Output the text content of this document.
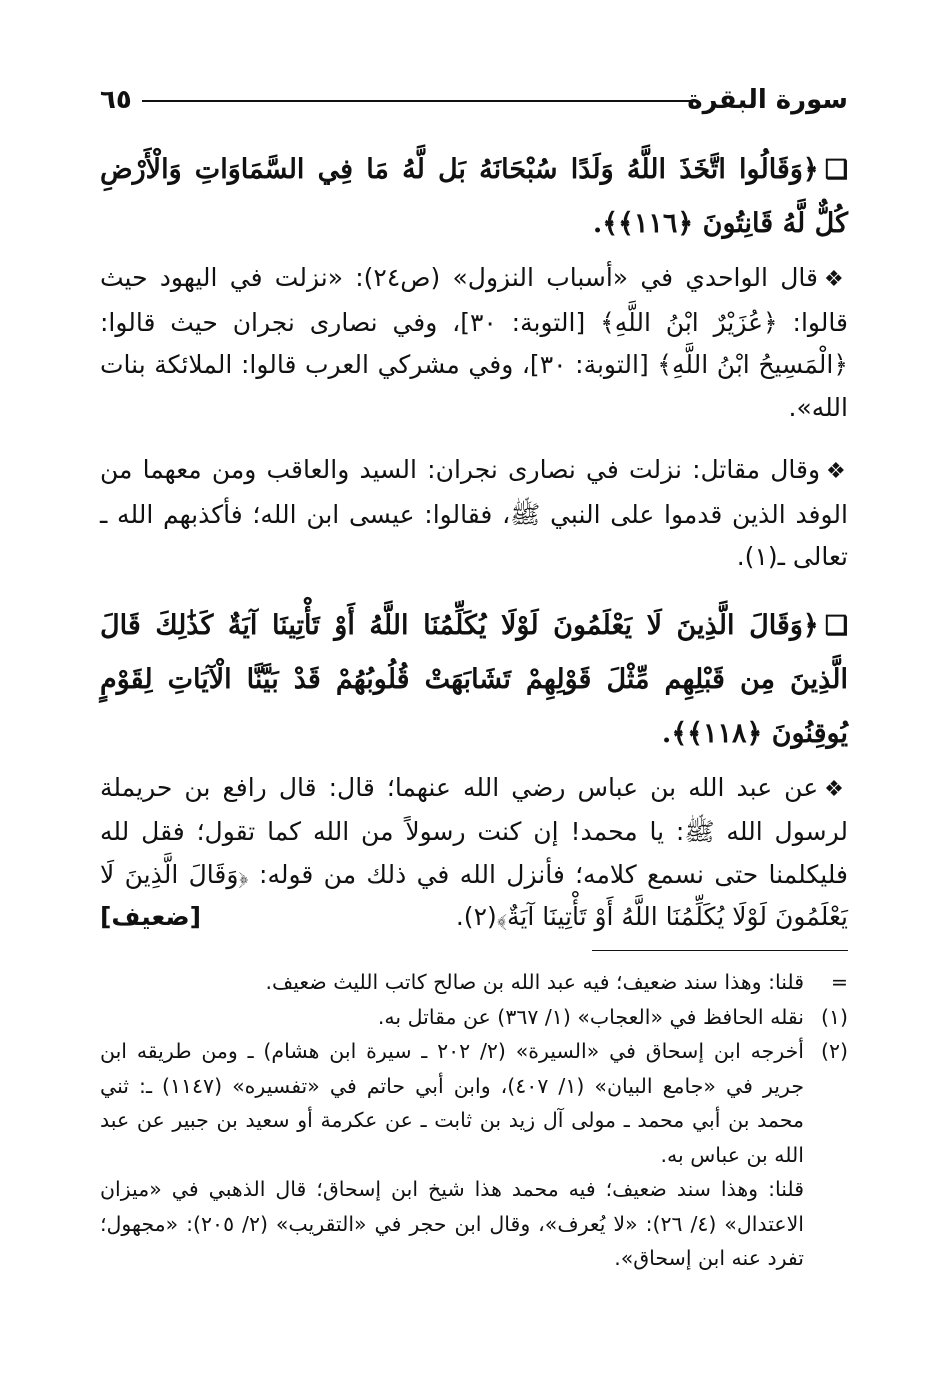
سورة البقرة
٦٥

❑﴿وَقَالُوا اتَّخَذَ اللَّهُ وَلَدًا سُبْحَانَهُ بَل لَّهُ مَا فِي السَّمَاوَاتِ وَالْأَرْضِ كُلٌّ لَّهُ قَانِتُونَ ﴿١١٦﴾﴾.

❖قال الواحدي في «أسباب النزول» (ص٢٤): «نزلت في اليهود حيث قالوا: ﴿عُزَيْرٌ ابْنُ اللَّهِ﴾ [التوبة: ٣٠]، وفي نصارى نجران حيث قالوا: ﴿الْمَسِيحُ ابْنُ اللَّهِ﴾ [التوبة: ٣٠]، وفي مشركي العرب قالوا: الملائكة بنات الله».

❖وقال مقاتل: نزلت في نصارى نجران: السيد والعاقب ومن معهما من الوفد الذين قدموا على النبي ﷺ، فقالوا: عيسى ابن الله؛ فأكذبهم الله ـ تعالى ـ(١).

❑﴿وَقَالَ الَّذِينَ لَا يَعْلَمُونَ لَوْلَا يُكَلِّمُنَا اللَّهُ أَوْ تَأْتِينَا آيَةٌ كَذَٰلِكَ قَالَ الَّذِينَ مِن قَبْلِهِم مِّثْلَ قَوْلِهِمْ تَشَابَهَتْ قُلُوبُهُمْ قَدْ بَيَّنَّا الْآيَاتِ لِقَوْمٍ يُوقِنُونَ ﴿١١٨﴾﴾.

❖عن عبد الله بن عباس رضي الله عنهما؛ قال: قال رافع بن حريملة لرسول الله ﷺ: يا محمد! إن كنت رسولاً من الله كما تقول؛ فقل لله فليكلمنا حتى نسمع كلامه؛ فأنزل الله في ذلك من قوله: ﴿وَقَالَ الَّذِينَ لَا يَعْلَمُونَ لَوْلَا يُكَلِّمُنَا اللَّهُ أَوْ تَأْتِينَا آيَةٌ﴾(٢).
[ضعيف]

=
قلنا: وهذا سند ضعيف؛ فيه عبد الله بن صالح كاتب الليث ضعيف.

(١)
نقله الحافظ في «العجاب» (١/ ٣٦٧) عن مقاتل به.

(٢)
أخرجه ابن إسحاق في «السيرة» (٢/ ٢٠٢ ـ سيرة ابن هشام) ـ ومن طريقه ابن جرير في «جامع البيان» (١/ ٤٠٧)، وابن أبي حاتم في «تفسيره» (١١٤٧) ـ: ثني محمد بن أبي محمد ـ مولى آل زيد بن ثابت ـ عن عكرمة أو سعيد بن جبير عن عبد الله بن عباس به.

قلنا: وهذا سند ضعيف؛ فيه محمد هذا شيخ ابن إسحاق؛ قال الذهبي في «ميزان الاعتدال» (٤/ ٢٦): «لا يُعرف»، وقال ابن حجر في «التقريب» (٢/ ٢٠٥): «مجهول؛ تفرد عنه ابن إسحاق».
